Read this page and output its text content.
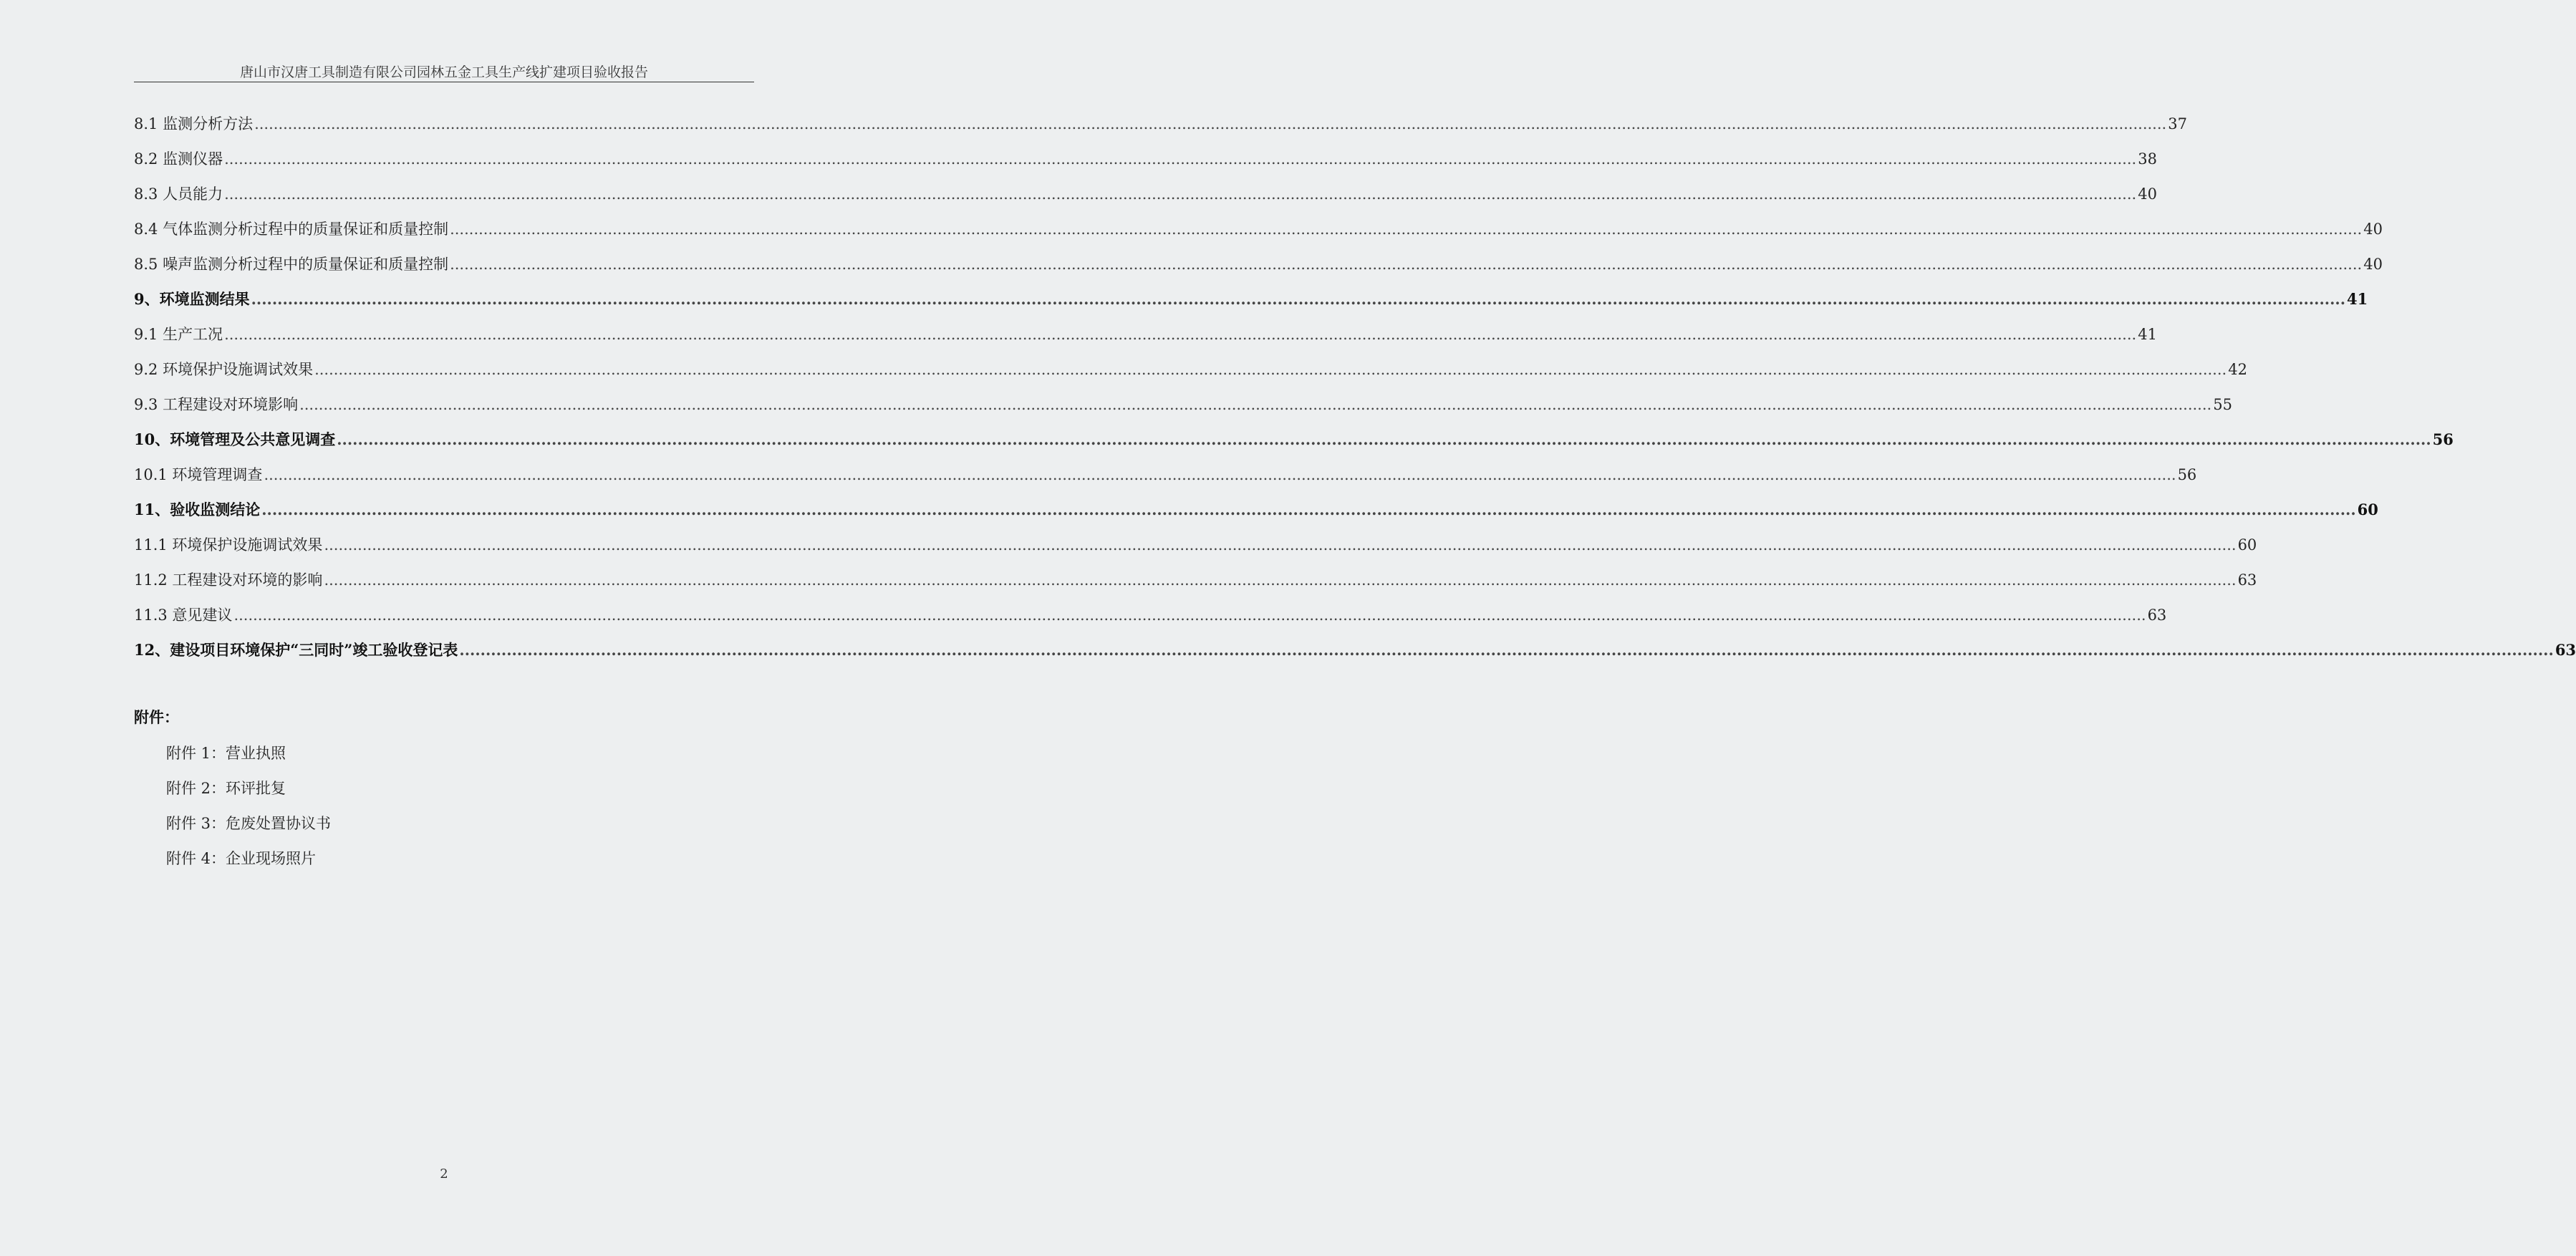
唐山市汉唐工具制造有限公司园林五金工具生产线扩建项目验收报告
8.1 监测分析方法 ................................................................................................................................................................................................................................................................................................................................................................................................................ 37
8.2 监测仪器 ................................................................................................................................................................................................................................................................................................................................................................................................................ 38
8.3 人员能力 ................................................................................................................................................................................................................................................................................................................................................................................................................ 40
8.4 气体监测分析过程中的质量保证和质量控制 ................................................................................................................................................................................................................................................................................................................................................................................................................ 40
8.5 噪声监测分析过程中的质量保证和质量控制 ................................................................................................................................................................................................................................................................................................................................................................................................................ 40
9、环境监测结果 ................................................................................................................................................................................................................................................................................................................................................................................................................ 41
9.1 生产工况 ................................................................................................................................................................................................................................................................................................................................................................................................................ 41
9.2 环境保护设施调试效果 ................................................................................................................................................................................................................................................................................................................................................................................................................ 42
9.3 工程建设对环境影响 ................................................................................................................................................................................................................................................................................................................................................................................................................ 55
10、环境管理及公共意见调查 ................................................................................................................................................................................................................................................................................................................................................................................................................ 56
10.1 环境管理调查 ................................................................................................................................................................................................................................................................................................................................................................................................................ 56
11、验收监测结论 ................................................................................................................................................................................................................................................................................................................................................................................................................ 60
11.1 环境保护设施调试效果 ................................................................................................................................................................................................................................................................................................................................................................................................................ 60
11.2 工程建设对环境的影响 ................................................................................................................................................................................................................................................................................................................................................................................................................ 63
11.3 意见建议 ................................................................................................................................................................................................................................................................................................................................................................................................................ 63
12、建设项目环境保护“三同时”竣工验收登记表 ................................................................................................................................................................................................................................................................................................................................................................................................................ 63
附件：
附件 1：营业执照
附件 2：环评批复
附件 3：危废处置协议书
附件 4：企业现场照片
2
